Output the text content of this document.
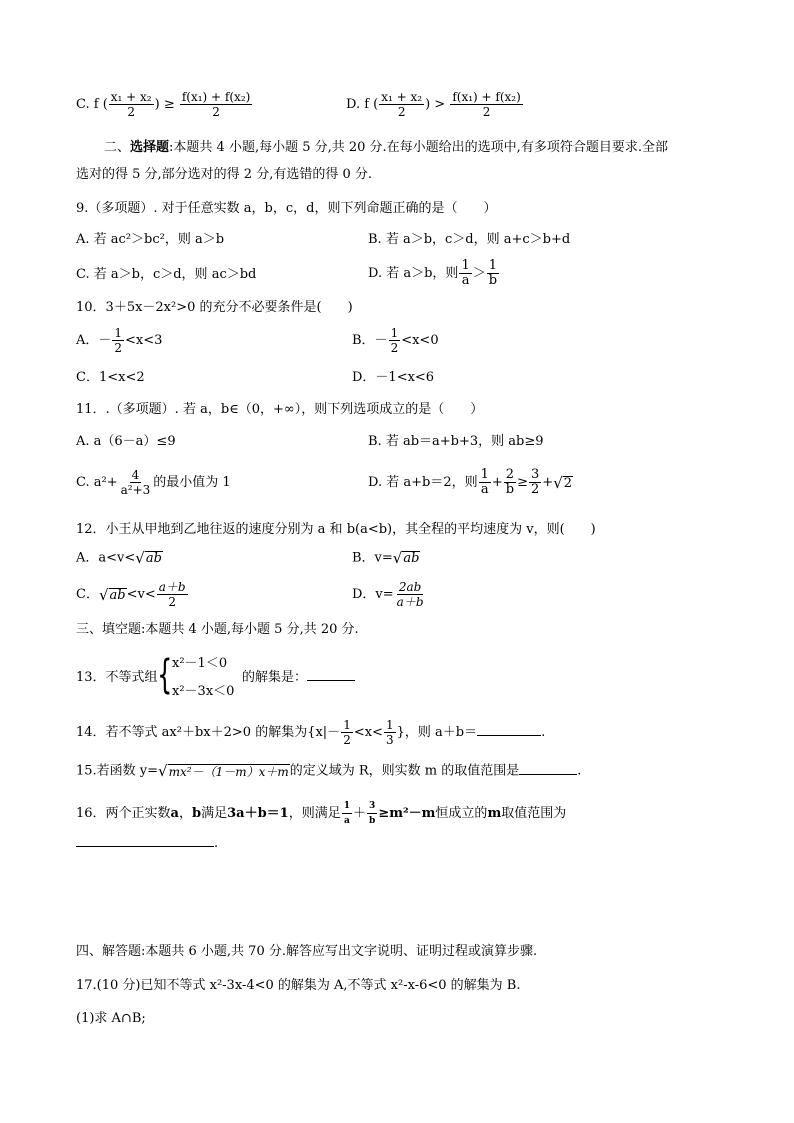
C. f ( $\frac{\text{x₁ + x₂}}{2}$ ) ≥ $\frac{\text{f(x₁) + f(x₂)}}{2}$	D. f ( $\frac{\text{x₁ + x₂}}{2}$ ) > $\frac{\text{f(x₁) + f(x₂)}}{2}$
二、选择题:本题共 4 小题,每小题 5 分,共 20 分.在每小题给出的选项中,有多项符合题目要求.全部
选对的得 5 分,部分选对的得 2 分,有选错的得 0 分.
9.（多项题）. 对于任意实数 a，b，c，d，则下列命题正确的是（　　）
A. 若 ac²＞bc²，则 a＞b	B. 若 a＞b，c＞d，则 a+c＞b+d
C. 若 a＞b，c＞d，则 ac＞bd	D. 若 a＞b，则 $\frac{1}{a} > \frac{1}{b}$
10．3＋5x－2x²>0 的充分不必要条件是(　　)
A．－ $\frac{1}{2} <x<3$	B．－ $\frac{1}{2} <x<0$
C．1<x<2	D．－1<x<6
11．.（多项题）. 若 a，b∈（0，+∞），则下列选项成立的是（　　）
A. a（6－a）≤9	B. 若 ab＝a+b+3，则 ab≥9
C. $a^2+ \frac{4}{\text{a²+3}}$ 的最小值为 1	D. 若 a+b＝2，则 $\frac{1}{a} + \frac{2}{b} \ge \frac{3}{2}$ + √ 2
12．小王从甲地到乙地往返的速度分别为 a 和 b(a<b)，其全程的平均速度为 v，则(　　)
A．a<v< √ ab	B．v= √ ab
C． √ ab $<v< \frac{a+b}{2}$	D．$v= \frac{2ab}{a+b}$
三、填空题:本题共 4 小题,每小题 5 分,共 20 分.
13．不等式组 { x²－1＜0
x²－3x＜0
的解集是：
14．若不等式 ax²＋bx＋2>0 的解集为{$x|- \frac{1}{2} <x< \frac{1}{3}$ }，则 a＋b＝	.
15.若函数 y= √ mx²－（1－m）x＋m 的定义域为 R，则实数 m 的取值范围是	.
16．两个正实数a，b满足3a＋b＝1，则满足 $\frac{1}{a} + \frac{3}{b} \ge m^2-m$恒成立的m取值范围为
.
四、解答题:本题共 6 小题,共 70 分.解答应写出文字说明、证明过程或演算步骤.
17.(10 分)已知不等式 x²-3x-4<0 的解集为 A,不等式 x²-x-6<0 的解集为 B.
(1)求 A∩B;
